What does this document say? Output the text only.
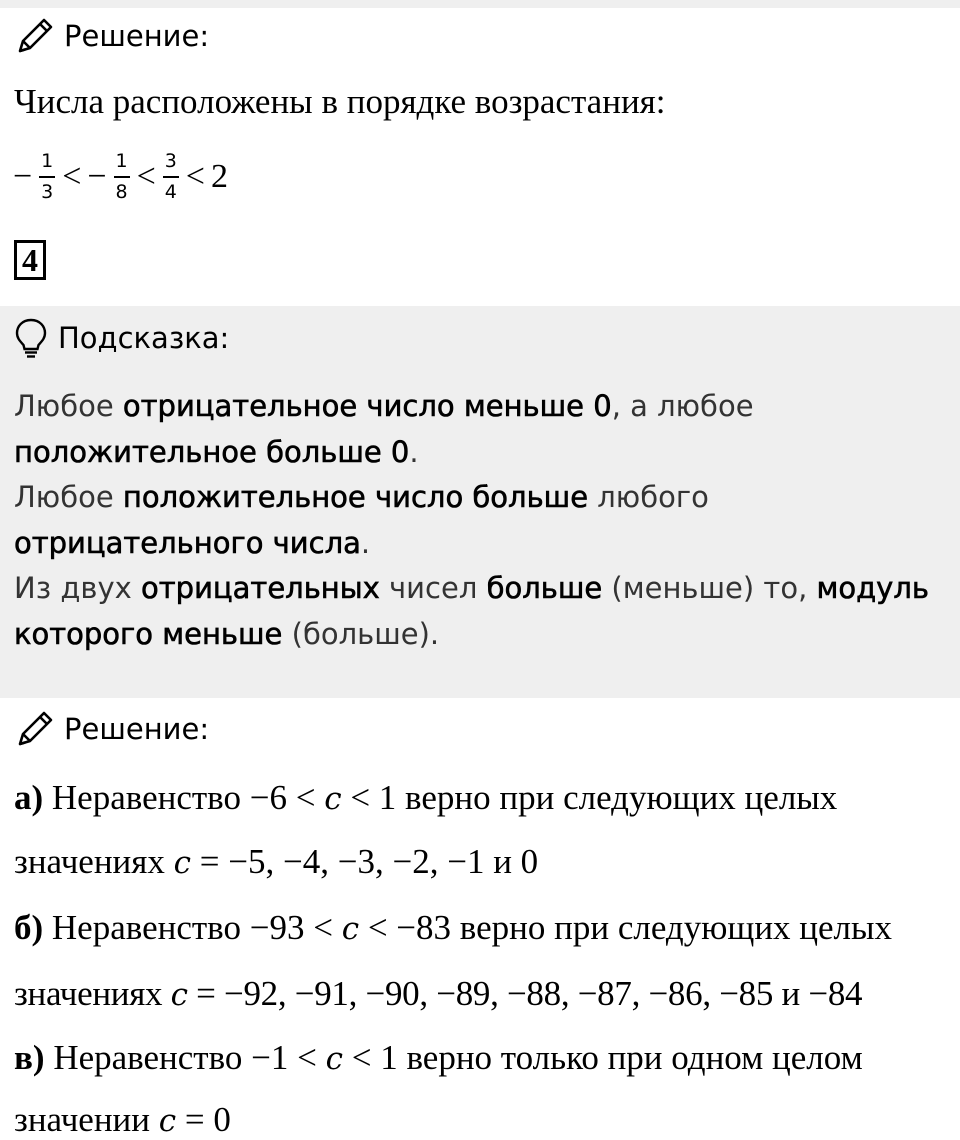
Решение:
Числа расположены в порядке возрастания:
− $\frac{1}{3}$ < − $\frac{1}{8} < \frac{3}{4} < 2$
4
Подсказка:
Любое отрицательное число меньше 0, а любое
положительное больше 0.
Любое положительное число больше любого
отрицательного числа.
Из двух отрицательных чисел больше (меньше) то, модуль
которого меньше (больше).
Решение:
а) Неравенство −6 < c < 1 верно при следующих целых
значениях c = −5, −4, −3, −2, −1 и 0
б) Неравенство −93 < c < −83 верно при следующих целых
значениях c = −92, −91, −90, −89, −88, −87, −86, −85 и −84
в) Неравенство −1 < c < 1 верно только при одном целом
значении c = 0
